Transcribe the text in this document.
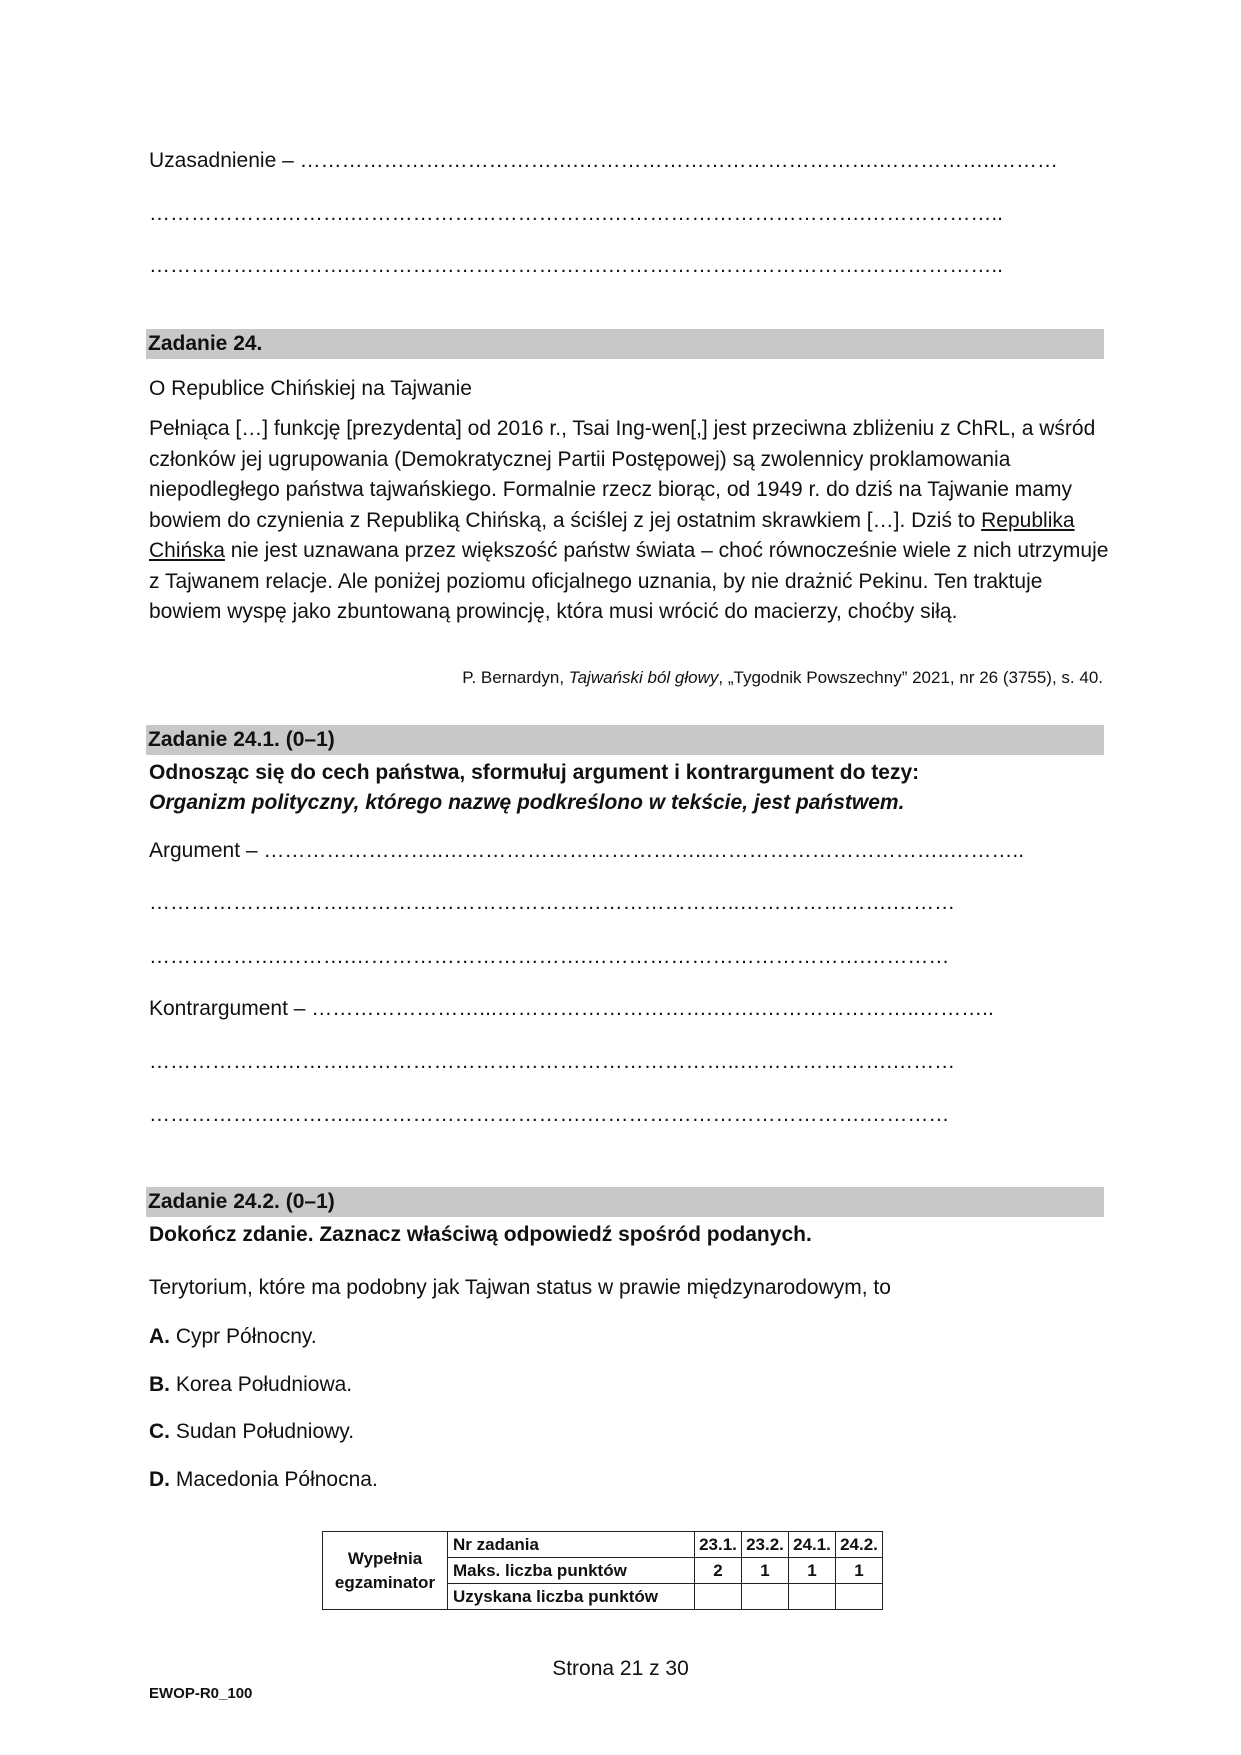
Uzasadnienie – ………………………………….…………………………………….……………..………
……………….……….……………………………….……………………………….………………..
……………….……….……………………………….……………………………….………………..
Zadanie 24.
O Republice Chińskiej na Tajwanie
Pełniąca […] funkcję [prezydenta] od 2016 r., Tsai Ing-wen[,] jest przeciwna zbliżeniu z ChRL, a wśród członków jej ugrupowania (Demokratycznej Partii Postępowej) są zwolennicy proklamowania niepodległego państwa tajwańskiego. Formalnie rzecz biorąc, od 1949 r. do dziś na Tajwanie mamy bowiem do czynienia z Republiką Chińską, a ściślej z jej ostatnim skrawkiem […]. Dziś to Republika Chińska nie jest uznawana przez większość państw świata – choć równocześnie wiele z nich utrzymuje z Tajwanem relacje. Ale poniżej poziomu oficjalnego uznania, by nie drażnić Pekinu. Ten traktuje bowiem wyspę jako zbuntowaną prowincję, która musi wrócić do macierzy, choćby siłą.
P. Bernardyn, Tajwański ból głowy, „Tygodnik Powszechny” 2021, nr 26 (3755), s. 40.
Zadanie 24.1. (0–1)
Odnosząc się do cech państwa, sformułuj argument i kontrargument do tezy:
Organizm polityczny, którego nazwę podkreślono w tekście, jest państwem.
Argument – ……………………..………………………………..……………………………..………..
……………….……….………………………………………………..………………….………
……………….……….…………………………….………………………………….…………
Kontrargument – ……………………...………………………….…….…………………..………..
……………….……….………………………………………………..………………….………
……………….……….…………………………….………………………………….…………
Zadanie 24.2. (0–1)
Dokończ zdanie. Zaznacz właściwą odpowiedź spośród podanych.
Terytorium, które ma podobny jak Tajwan status w prawie międzynarodowym, to
A. Cypr Północny.
B. Korea Południowa.
C. Sudan Południowy.
D. Macedonia Północna.
Wypełnia
egzaminator	Nr zadania	23.1.	23.2.	24.1.	24.2.
	Maks. liczba punktów	2	1	1	1
	Uzyskana liczba punktów				
Strona 21 z 30
EWOP-R0_100
